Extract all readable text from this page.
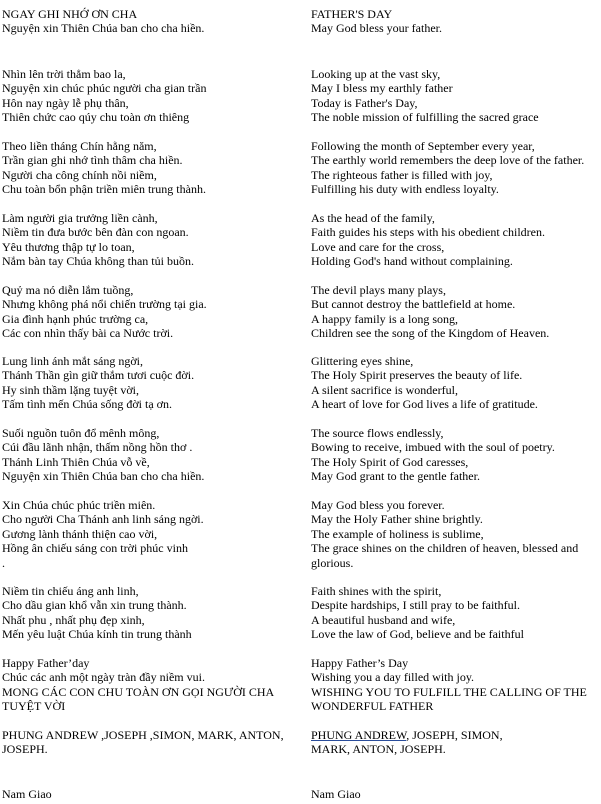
NGAY GHI NHỚ ƠN CHA
Nguyện xin Thiên Chúa ban cho cha hiền.
Nhìn lên trời thẳm bao la,
Nguyện xin chúc phúc người cha gian trần
Hôn nay ngày lễ phụ thân,
Thiên chức cao qúy chu toàn ơn thiêng
Theo liền tháng Chín hằng năm,
Trần gian ghi nhớ tình thâm cha hiền.
Người cha công chính nồi niềm,
Chu toàn bổn phận triền miên trung thành.
Làm người gia trưởng liền cành,
Niềm tin đưa bước bên đàn con ngoan.
Yêu thương thập tự lo toan,
Nắm bàn tay Chúa không than tủi buồn.
Quỷ ma nó diễn lắm tuồng,
Nhưng không phá nổi chiến trường tại gia.
Gia đình hạnh phúc trường ca,
Các con nhìn thấy bài ca Nước trời.
Lung linh ánh mắt sáng ngời,
Thánh Thần gìn giữ thắm tươi cuộc đời.
Hy sinh thầm lặng tuyệt vời,
Tấm tình mến Chúa sống đời tạ ơn.
Suối nguồn tuôn đổ mênh mông,
Cúi đầu lãnh nhận, thấm nồng hồn thơ .
Thánh Linh Thiên Chúa vỗ về,
Nguyện xin Thiên Chúa ban cho cha hiền.
Xin Chúa chúc phúc triền miên.
Cho người Cha Thánh anh linh sáng ngời.
Gương lành thánh thiện cao vời,
Hồng ân chiếu sáng con trời phúc vinh
.
Niềm tin chiếu áng anh linh,
Cho dầu gian khổ vẫn xin trung thành.
Nhất phu , nhất phụ đẹp xinh,
Mến yêu luật Chúa kính tin trung thành
Happy Father’day
Chúc các anh một ngày tràn đầy niềm vui.
MONG CÁC CON CHU TOÀN ƠN GỌI NGƯỜI CHA TUYỆT VỜI
PHUNG ANDREW ,JOSEPH ,SIMON, MARK, ANTON, JOSEPH.
Nam Giao
FATHER'S DAY
May God bless your father.
Looking up at the vast sky,
May I bless my earthly father
Today is Father's Day,
The noble mission of fulfilling the sacred grace
Following the month of September every year,
The earthly world remembers the deep love of the father.
The righteous father is filled with joy,
Fulfilling his duty with endless loyalty.
As the head of the family,
Faith guides his steps with his obedient children.
Love and care for the cross,
Holding God's hand without complaining.
The devil plays many plays,
But cannot destroy the battlefield at home.
A happy family is a long song,
Children see the song of the Kingdom of Heaven.
Glittering eyes shine,
The Holy Spirit preserves the beauty of life.
A silent sacrifice is wonderful,
A heart of love for God lives a life of gratitude.
The source flows endlessly,
Bowing to receive, imbued with the soul of poetry.
The Holy Spirit of God caresses,
May God grant to the gentle father.
May God bless you forever.
May the Holy Father shine brightly.
The example of holiness is sublime,
The grace shines on the children of heaven, blessed and glorious.
Faith shines with the spirit,
Despite hardships, I still pray to be faithful.
A beautiful husband and wife,
Love the law of God, believe and be faithful
Happy Father’s Day
Wishing you a day filled with joy.
WISHING YOU TO FULFILL THE CALLING OF THE WONDERFUL FATHER
PHUNG ANDREW, JOSEPH, SIMON,
MARK, ANTON, JOSEPH.
Nam Giao
